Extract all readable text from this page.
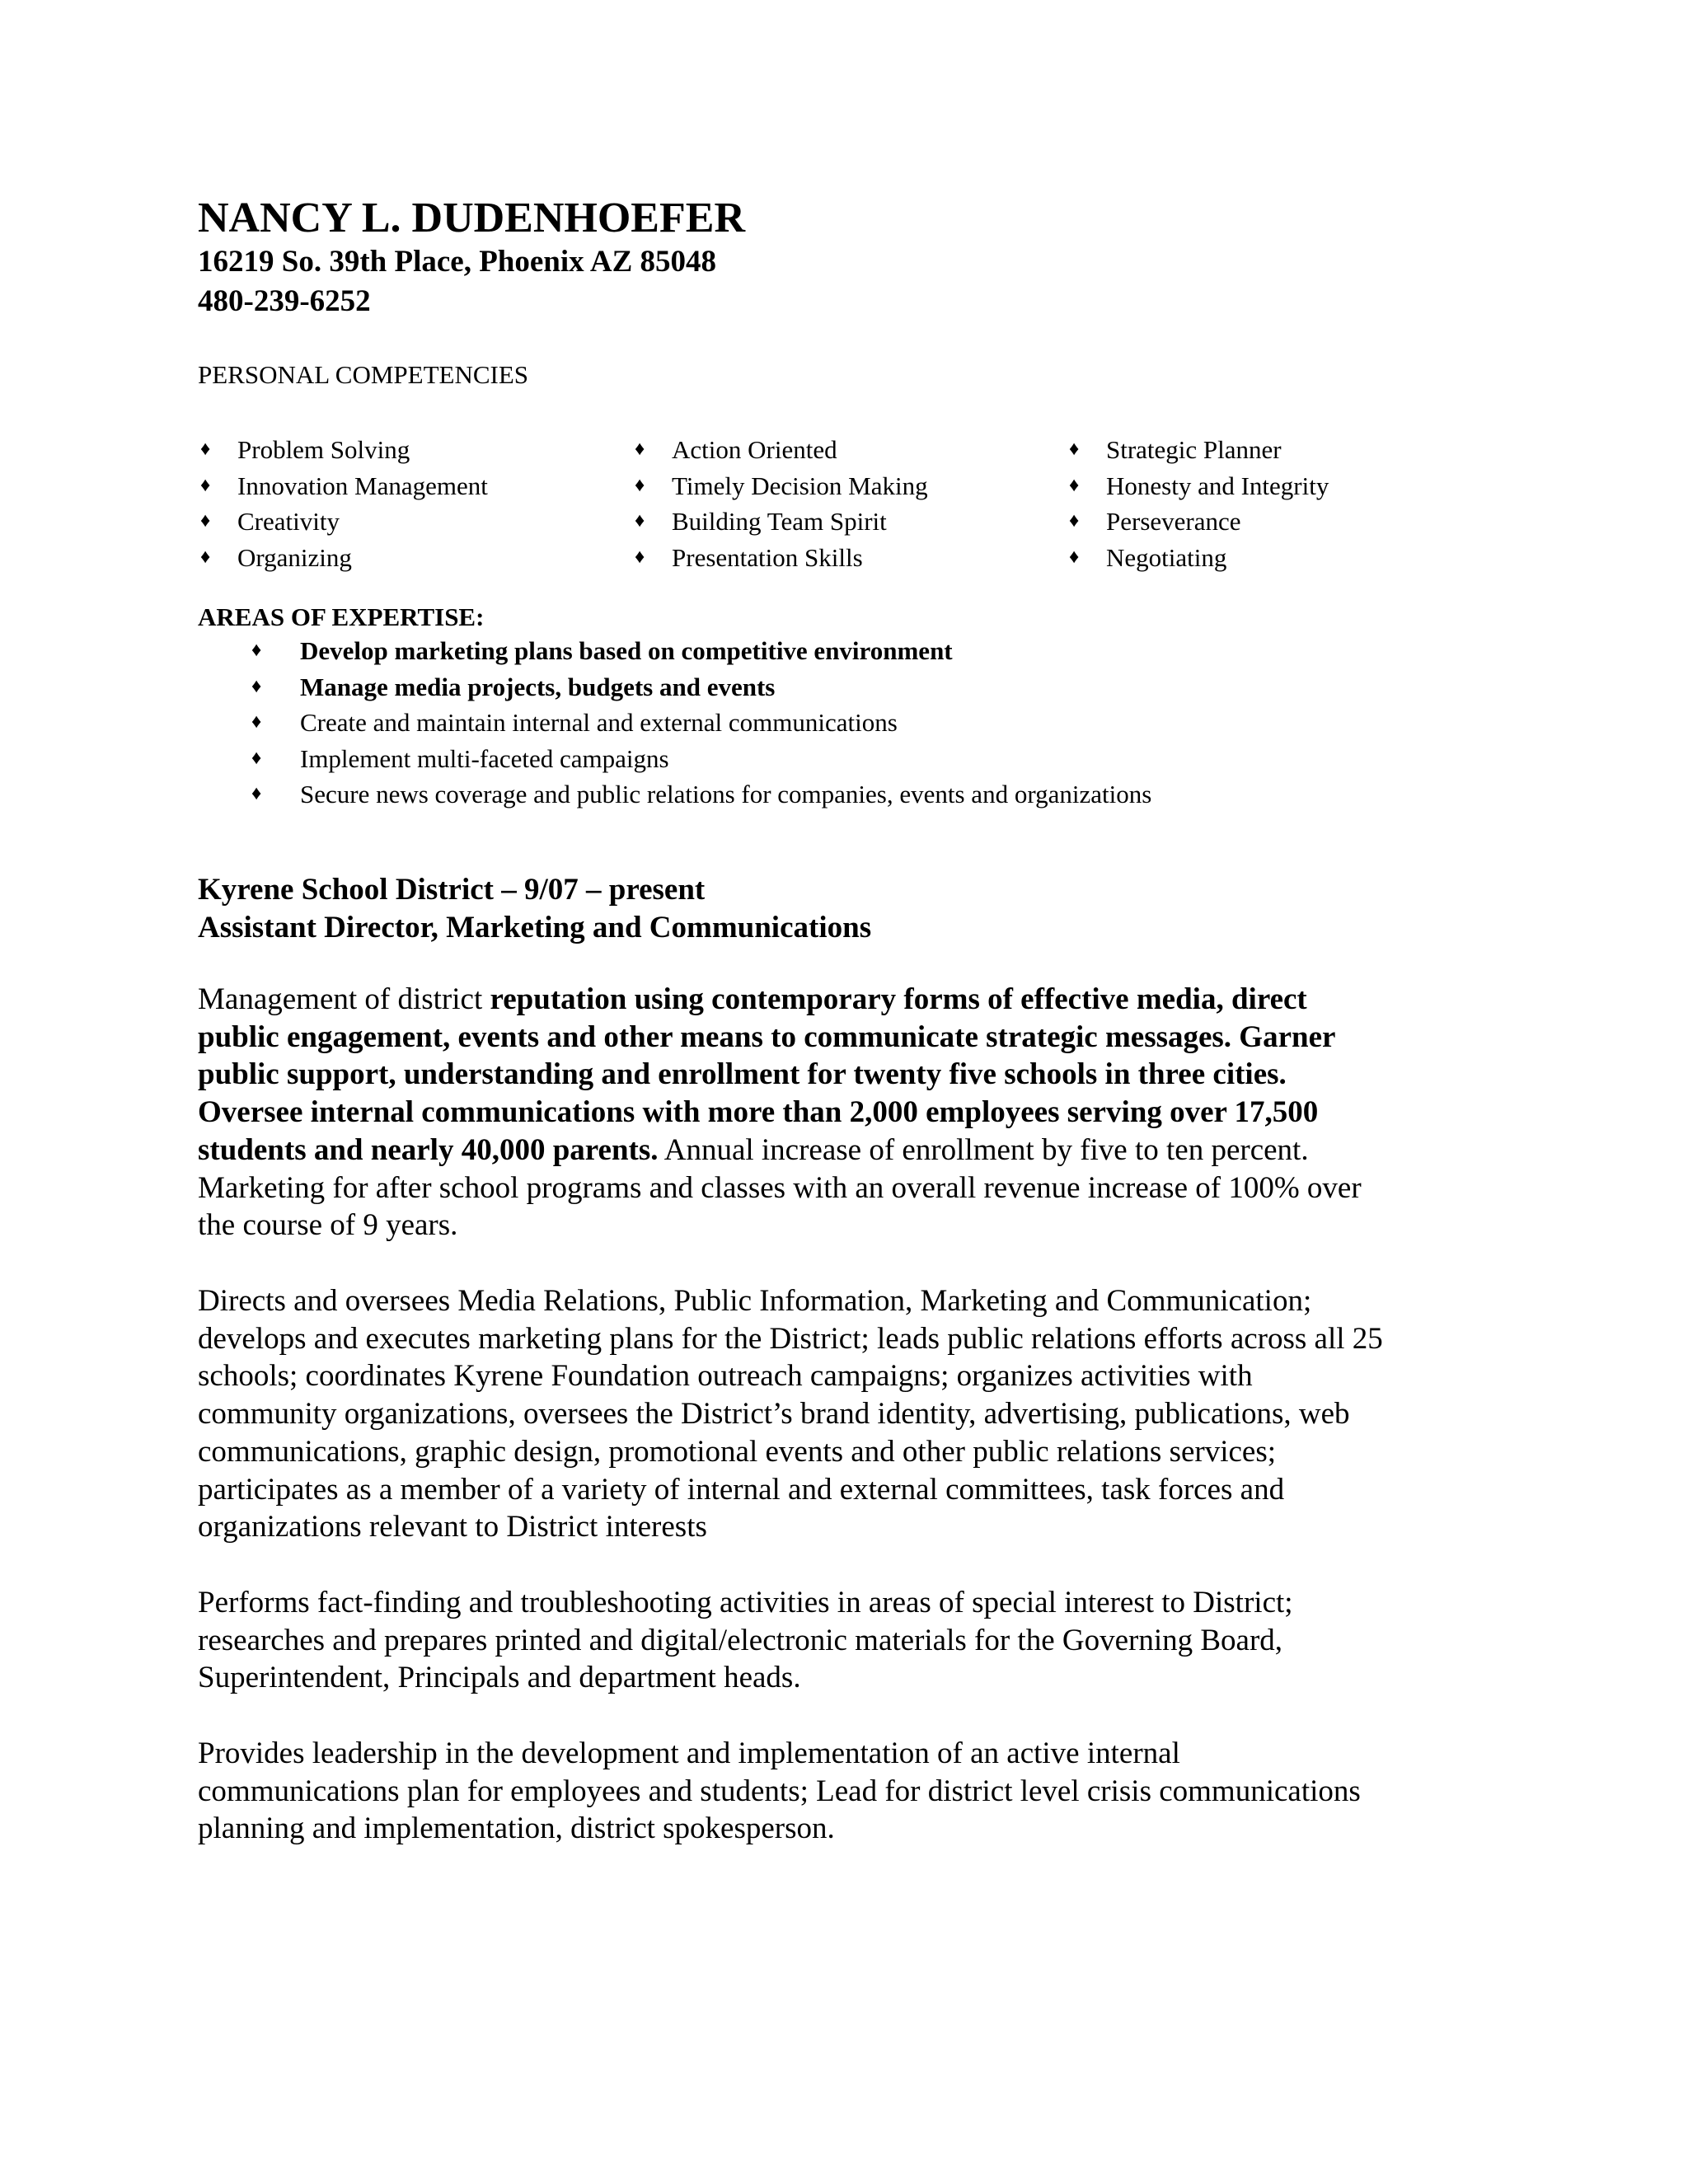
NANCY L. DUDENHOEFER
16219 So. 39th Place, Phoenix AZ 85048
480-239-6252
PERSONAL COMPETENCIES
♦ Problem Solving
♦ Innovation Management
♦ Creativity
♦ Organizing
♦ Action Oriented
♦ Timely Decision Making
♦ Building Team Spirit
♦ Presentation Skills
♦ Strategic Planner
♦ Honesty and Integrity
♦ Perseverance
♦ Negotiating
AREAS OF EXPERTISE:
♦ Develop marketing plans based on competitive environment
♦ Manage media projects, budgets and events
♦ Create and maintain internal and external communications
♦ Implement multi-faceted campaigns
♦ Secure news coverage and public relations for companies, events and organizations
Kyrene School District – 9/07 – present
Assistant Director, Marketing and Communications
Management of district reputation using contemporary forms of effective media, direct
public engagement, events and other means to communicate strategic messages. Garner
public support, understanding and enrollment for twenty five schools in three cities.
Oversee internal communications with more than 2,000 employees serving over 17,500
students and nearly 40,000 parents. Annual increase of enrollment by five to ten percent.
Marketing for after school programs and classes with an overall revenue increase of 100% over
the course of 9 years.
Directs and oversees Media Relations, Public Information, Marketing and Communication;
develops and executes marketing plans for the District; leads public relations efforts across all 25
schools; coordinates Kyrene Foundation outreach campaigns; organizes activities with
community organizations, oversees the District’s brand identity, advertising, publications, web
communications, graphic design, promotional events and other public relations services;
participates as a member of a variety of internal and external committees, task forces and
organizations relevant to District interests
Performs fact-finding and troubleshooting activities in areas of special interest to District;
researches and prepares printed and digital/electronic materials for the Governing Board,
Superintendent, Principals and department heads.
Provides leadership in the development and implementation of an active internal
communications plan for employees and students; Lead for district level crisis communications
planning and implementation, district spokesperson.
